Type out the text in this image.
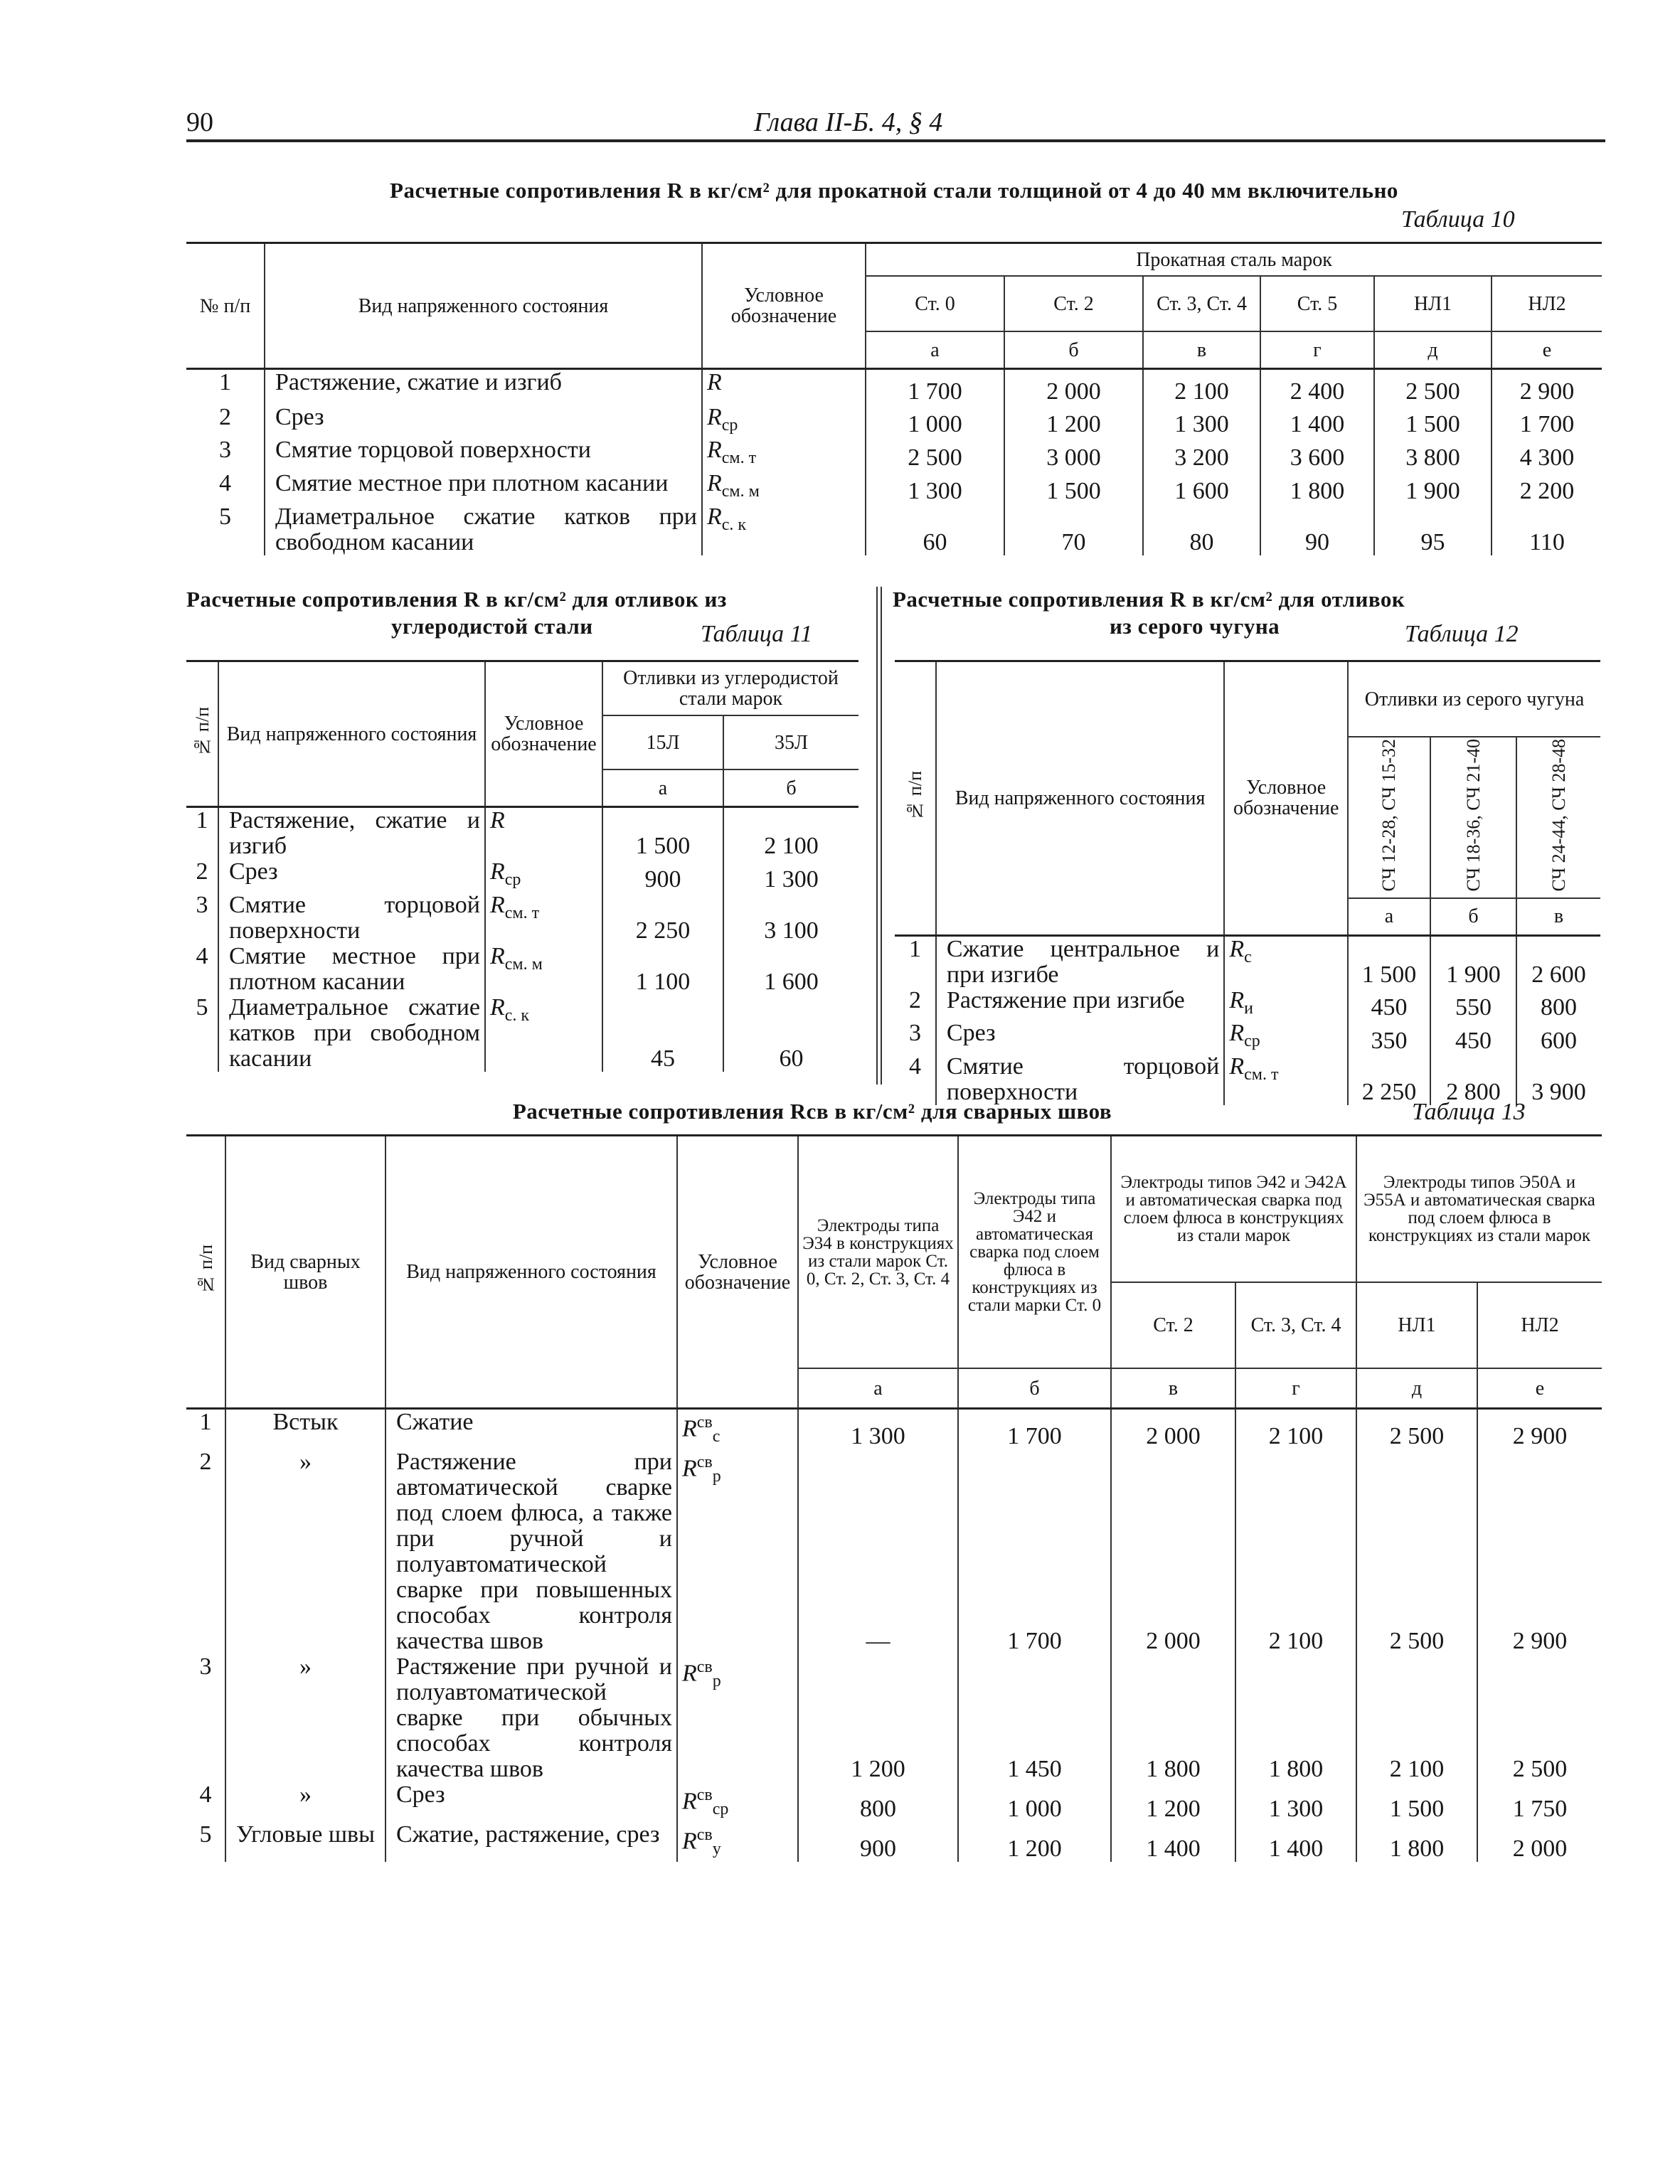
90	Глава II-Б. 4, § 4
Расчетные сопротивления R в кг/см² для прокатной стали толщиной от 4 до 40 мм включительно
Таблица 10
№ п/п	Вид напряженного состояния	Условное обозначение	Прокатная сталь марок					
			Ст. 0	Ст. 2	Ст. 3, Ст. 4	Ст. 5	НЛ1	НЛ2
			а	б	в	г	д	е
1	Растяжение, сжатие и изгиб	R	1 700	2 000	2 100	2 400	2 500	2 900
2	Срез	$R_{ср}$	1 000	1 200	1 300	1 400	1 500	1 700
3	Смятие торцовой поверхности	$R_{см. т}$	2 500	3 000	3 200	3 600	3 800	4 300
4	Смятие местное при плотном касании	$R_{см. м}$	1 300	1 500	1 600	1 800	1 900	2 200
5	Диаметральное сжатие катков при свободном касании	$R_{с. к}$	60	70	80	90	95	110
Расчетные сопротивления R в кг/см² для отливок из
углеродистой стали	Таблица 11
№ п/п	Вид напряженного состояния	Условное обозначение	Отливки из углеродистой стали марок	
			15Л	35Л
			а	б
1	Растяжение, сжатие и изгиб	R	1 500	2 100
2	Срез	$R_{ср}$	900	1 300
3	Смятие торцовой поверхности	$R_{см. т}$	2 250	3 100
4	Смятие местное при плотном касании	$R_{см. м}$	1 100	1 600
5	Диаметральное сжатие катков при свободном касании	$R_{с. к}$	45	60
Расчетные сопротивления R в кг/см² для отливок
из серого чугуна	Таблица 12
№ п/п	Вид напряженного состояния	Условное обозначение	Отливки из серого чугуна		
			СЧ 12-28, СЧ 15-32	СЧ 18-36, СЧ 21-40	СЧ 24-44, СЧ 28-48
			а	б	в
1	Сжатие центральное и при изгибе	$R_с$	1 500	1 900	2 600
2	Растяжение при изгибе	$R_и$	450	550	800
3	Срез	$R_{ср}$	350	450	600
4	Смятие торцовой поверхности	$R_{см. т}$	2 250	2 800	3 900
Расчетные сопротивления Rсв в кг/см² для сварных швов	Таблица 13
№ п/п	Вид сварных швов	Вид напряженного состояния	Условное обозначение	Электроды типа Э34 в конструкциях из стали марок Ст. 0, Ст. 2, Ст. 3, Ст. 4	Электроды типа Э42 и автоматическая сварка под слоем флюса в конструкциях из стали марки Ст. 0	Электроды типов Э42 и Э42А и автоматическая сварка под слоем флюса в конструкциях из стали марок		Электроды типов Э50А и Э55А и автоматическая сварка под слоем флюса в конструкциях из стали марок	
						Ст. 2	Ст. 3, Ст. 4	НЛ1	НЛ2
				а	б	в	г	д	е
1	Встык	Сжатие	$R^{св}_с$	1 300	1 700	2 000	2 100	2 500	2 900
2	»	Растяжение при автоматической сварке под слоем флюса, а также при ручной и полуавтоматической сварке при повышенных способах контроля качества швов	$R^{св}_р$	—	1 700	2 000	2 100	2 500	2 900
3	»	Растяжение при ручной и полуавтоматической сварке при обычных способах контроля качества швов	$R^{св}_р$	1 200	1 450	1 800	1 800	2 100	2 500
4	»	Срез	$R^{св}_{ср}$	800	1 000	1 200	1 300	1 500	1 750
5	Угловые швы	Сжатие, растяжение, срез	$R^{св}_у$	900	1 200	1 400	1 400	1 800	2 000
